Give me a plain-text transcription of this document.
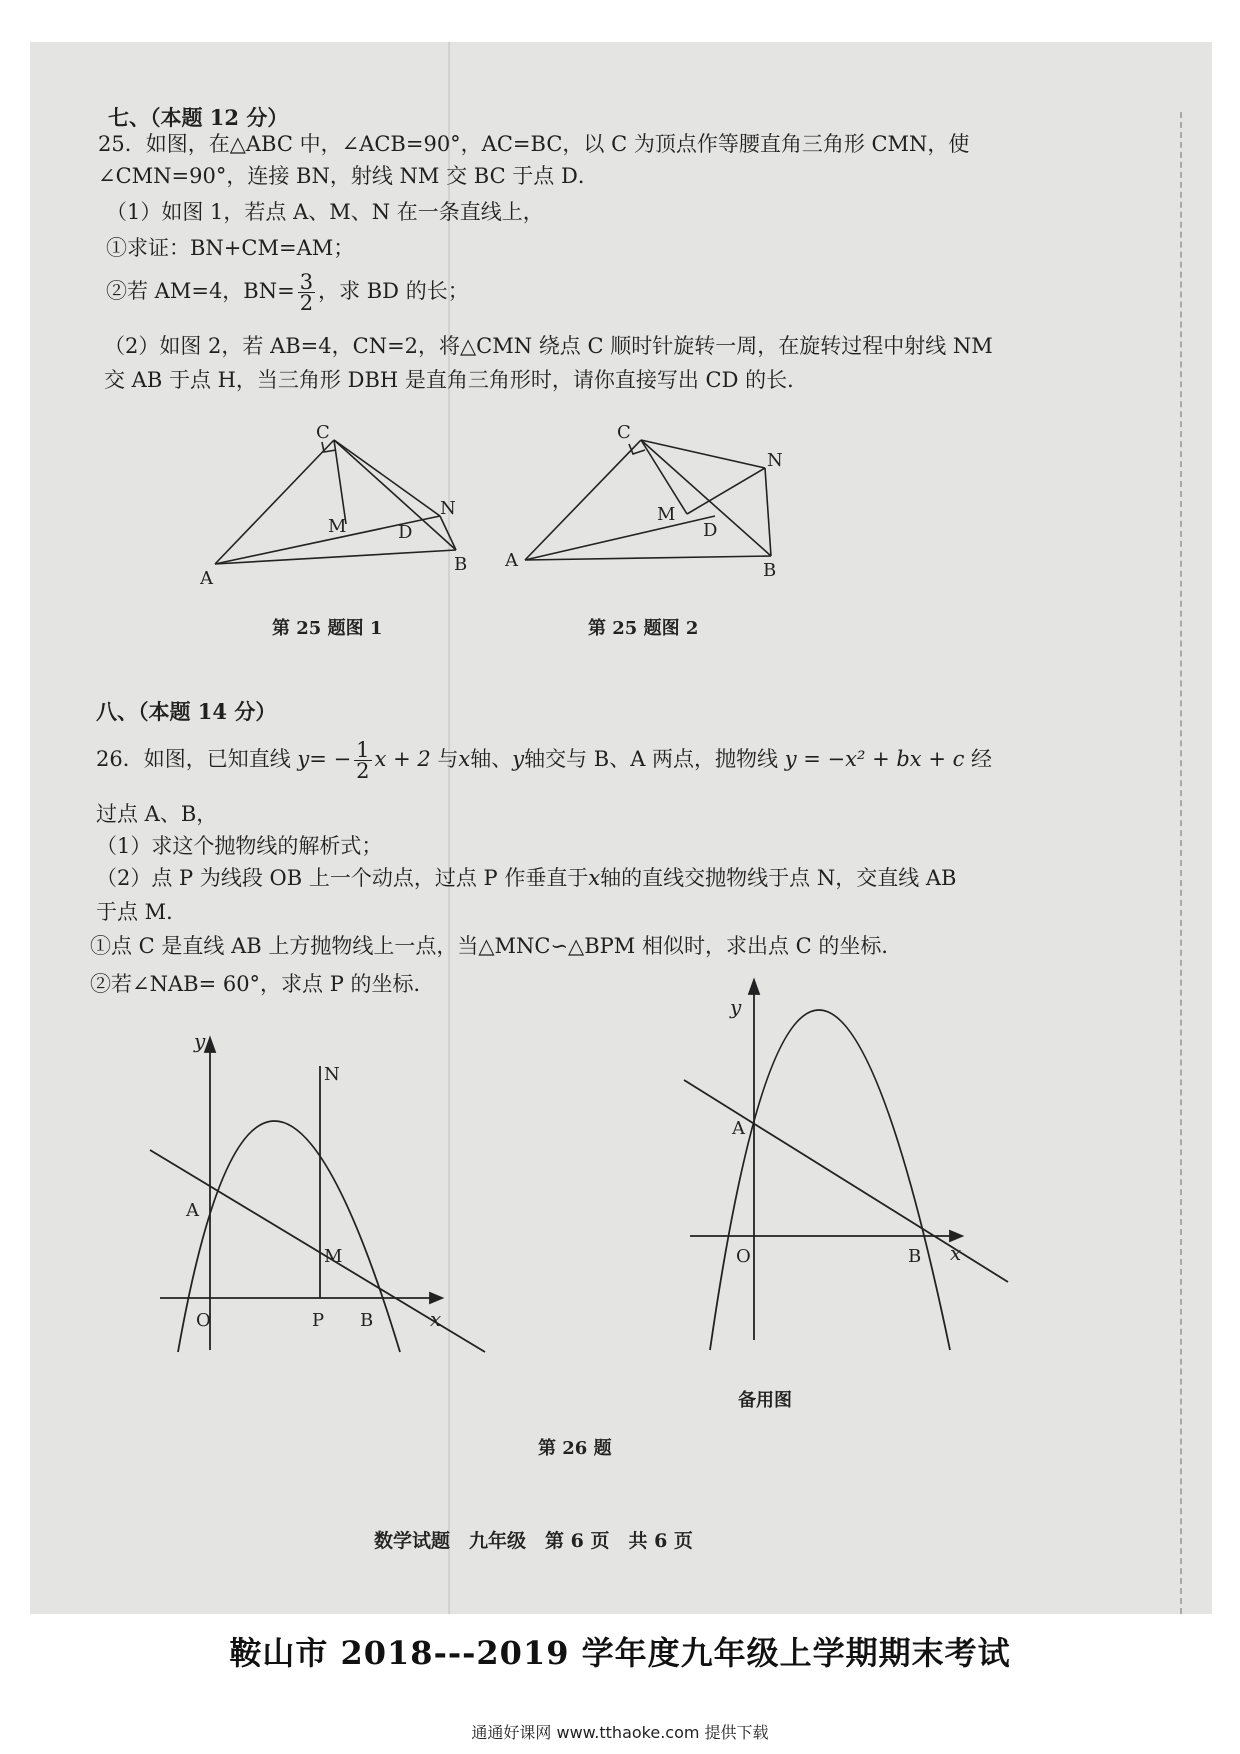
七、（本题 12 分）
25．如图，在△ABC 中，∠ACB=90°，AC=BC，以 C 为顶点作等腰直角三角形 CMN，使
∠CMN=90°，连接 BN，射线 NM 交 BC 于点 D．
（1）如图 1，若点 A、M、N 在一条直线上，
①求证：BN+CM=AM；
②若 AM=4，$BN= \frac{3}{2}$ ，求 BD 的长；
（2）如图 2，若 AB=4，CN=2，将△CMN 绕点 C 顺时针旋转一周，在旋转过程中射线 NM
交 AB 于点 H，当三角形 DBH 是直角三角形时，请你直接写出 CD 的长．
C
A
B
M
N
D
第 25 题图 1
C
A	B
M
N
D
第 25 题图 2
八、（本题 14 分）
26．如图，已知直线 $y= - \frac{1}{2}$ x + 2 与x轴、y轴交与 B、A 两点，抛物线 y = −x² + bx + c 经
过点 A、B，
（1）求这个抛物线的解析式；
（2）点 P 为线段 OB 上一个动点，过点 P 作垂直于x轴的直线交抛物线于点 N，交直线 AB
于点 M．
①点 C 是直线 AB 上方抛物线上一点，当△MNC∽△BPM 相似时，求出点 C 的坐标．
②若∠NAB= 60°，求点 P 的坐标．
y
x
O
A
B
N
M
P
第 26 题
y
x
O
A
B
备用图
数学试题　九年级　第 6 页　共 6 页
鞍山市 2018---2019 学年度九年级上学期期末考试
通通好课网 www.tthaoke.com 提供下载
